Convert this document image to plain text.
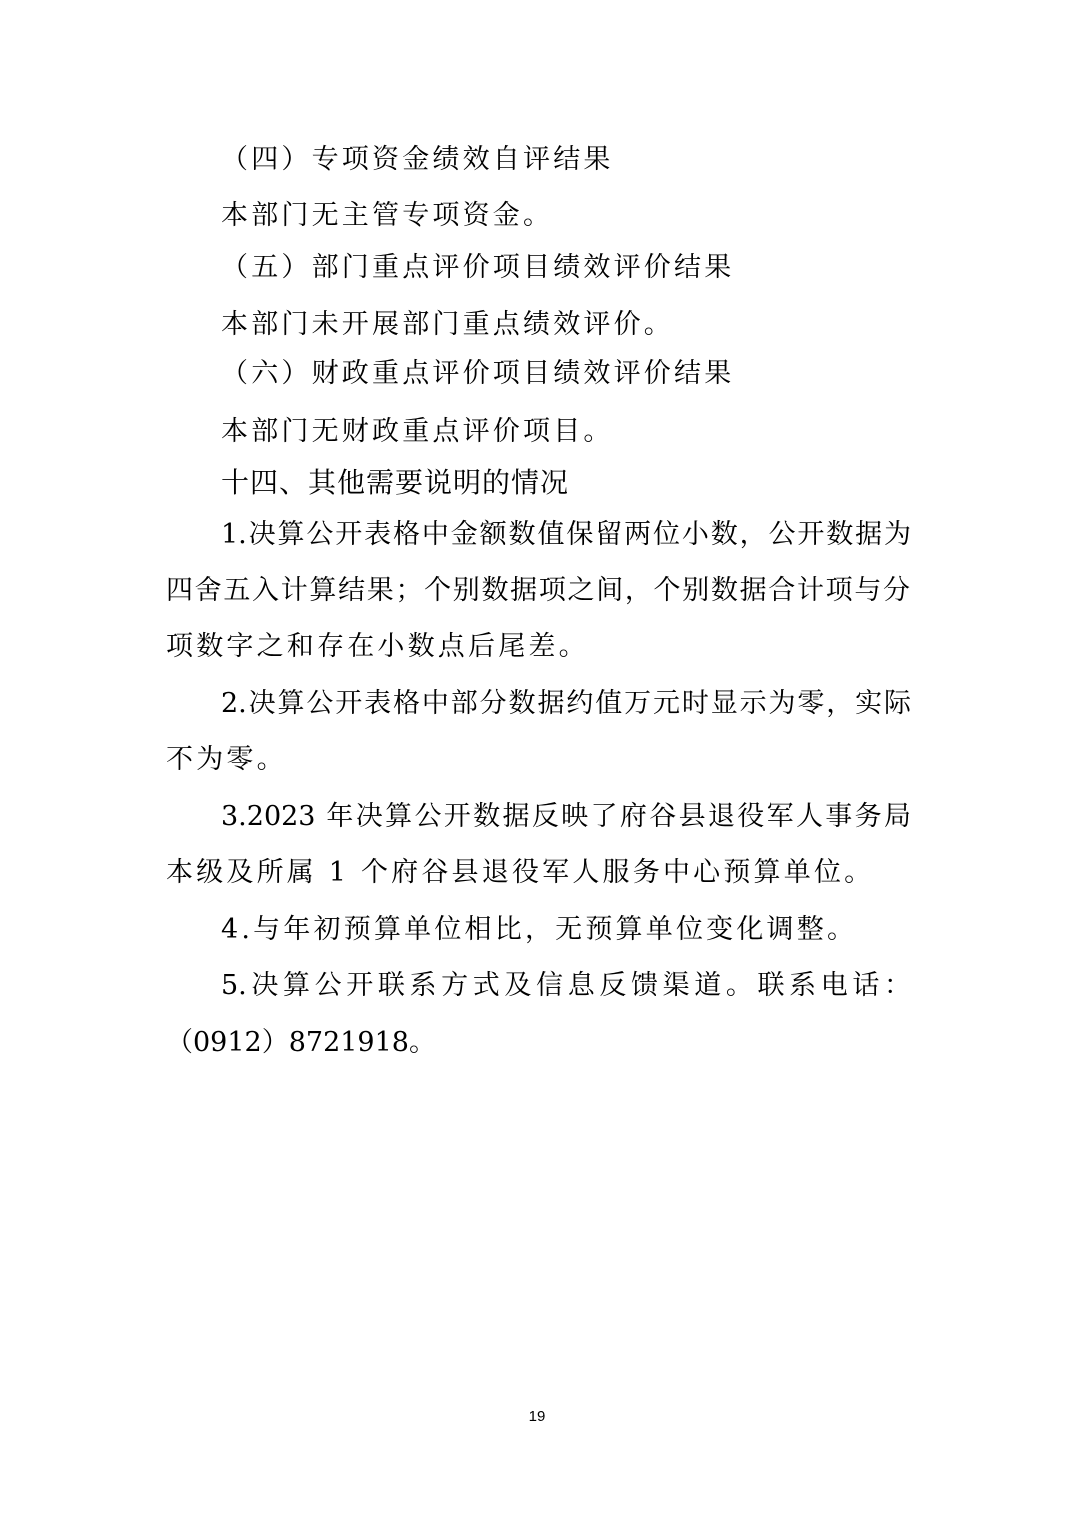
（四）专项资金绩效自评结果
本部门无主管专项资金。
（五）部门重点评价项目绩效评价结果
本部门未开展部门重点绩效评价。
（六）财政重点评价项目绩效评价结果
本部门无财政重点评价项目。
十四、其他需要说明的情况
1.决算公开表格中金额数值保留两位小数，公开数据为
四舍五入计算结果；个别数据项之间，个别数据合计项与分
项数字之和存在小数点后尾差。
2.决算公开表格中部分数据约值万元时显示为零，实际
不为零。
3.2023 年决算公开数据反映了府谷县退役军人事务局
本级及所属 1 个府谷县退役军人服务中心预算单位。
4.与年初预算单位相比，无预算单位变化调整。
5.决算公开联系方式及信息反馈渠道。联系电话：
（0912）8721918。
19
